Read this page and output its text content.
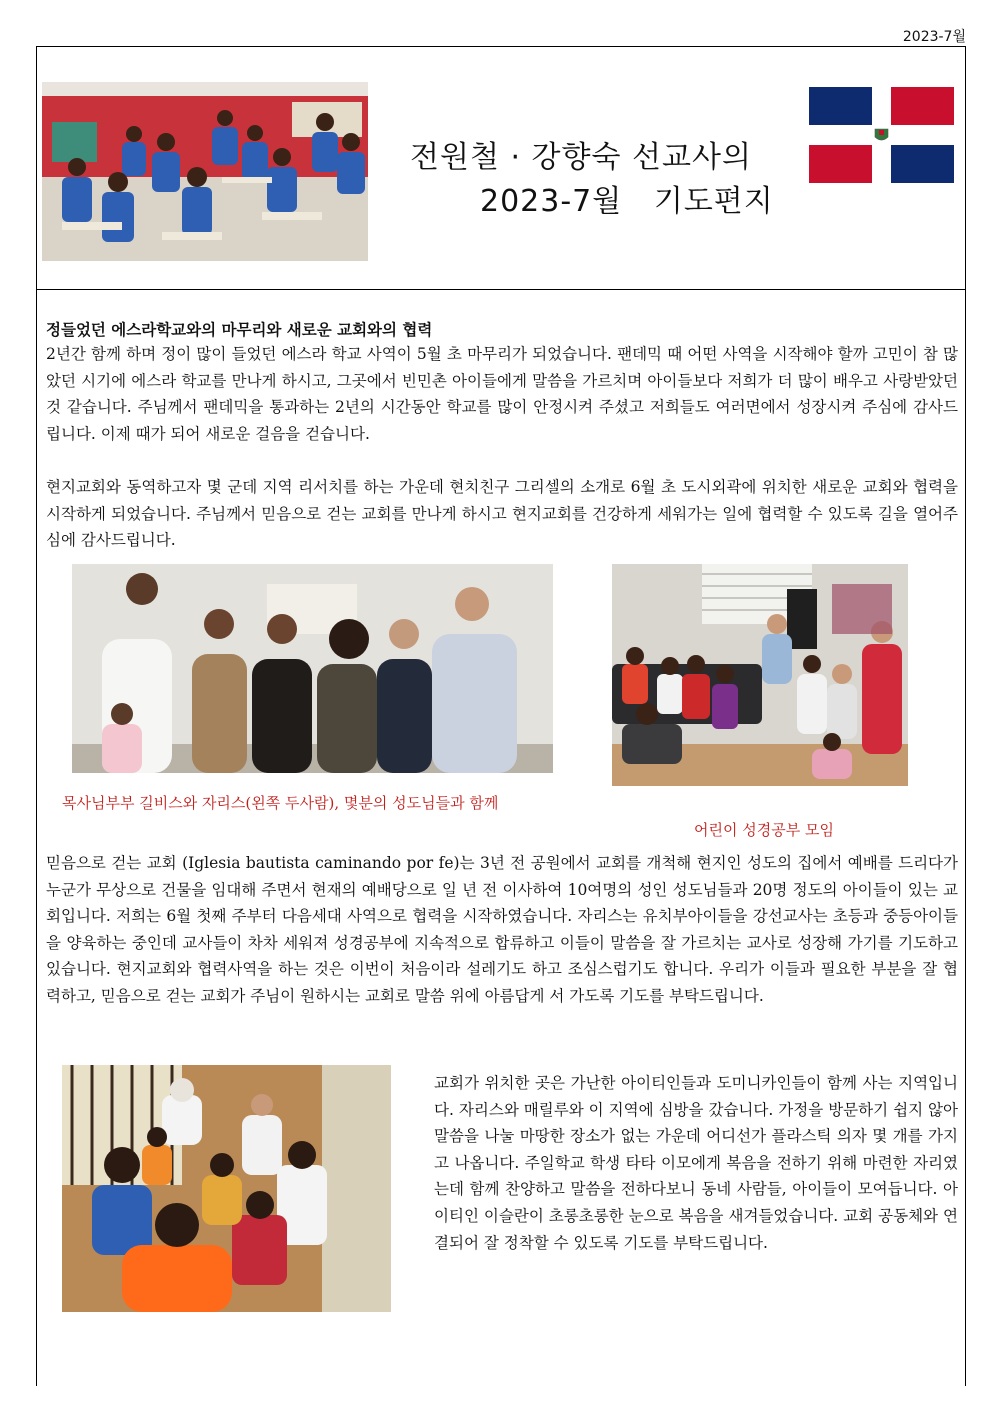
2023-7월
전원철 · 강향숙 선교사의
2023-7월   기도편지
정들었던 에스라학교와의 마무리와 새로운 교회와의 협력
2년간 함께 하며 정이 많이 들었던 에스라 학교 사역이 5월 초 마무리가 되었습니다. 팬데믹 때 어떤 사역을 시작해야 할까 고민이 참 많았던 시기에 에스라 학교를 만나게 하시고, 그곳에서 빈민촌 아이들에게 말씀을 가르치며 아이들보다 저희가 더 많이 배우고 사랑받았던 것 같습니다. 주님께서 팬데믹을 통과하는 2년의 시간동안 학교를 많이 안정시켜 주셨고 저희들도 여러면에서 성장시켜 주심에 감사드립니다. 이제 때가 되어 새로운 걸음을 걷습니다.
현지교회와 동역하고자 몇 군데 지역 리서치를 하는 가운데 현치친구 그리셀의 소개로 6월 초 도시외곽에 위치한 새로운 교회와 협력을 시작하게 되었습니다. 주님께서 믿음으로 걷는 교회를 만나게 하시고 현지교회를 건강하게 세워가는 일에 협력할 수 있도록 길을 열어주심에 감사드립니다.
목사님부부 길비스와 자리스(왼쪽 두사람), 몇분의 성도님들과 함께
어린이 성경공부 모임
믿음으로 걷는 교회 (Iglesia bautista caminando por fe)는 3년 전 공원에서 교회를 개척해 현지인 성도의 집에서 예배를 드리다가 누군가 무상으로 건물을 임대해 주면서 현재의 예배당으로 일 년 전 이사하여 10여명의 성인 성도님들과 20명 정도의 아이들이 있는 교회입니다. 저희는 6월 첫째 주부터 다음세대 사역으로 협력을 시작하였습니다. 자리스는 유치부아이들을 강선교사는 초등과 중등아이들을 양육하는 중인데 교사들이 차차 세워져 성경공부에 지속적으로 합류하고 이들이 말씀을 잘 가르치는 교사로 성장해 가기를 기도하고 있습니다. 현지교회와 협력사역을 하는 것은 이번이 처음이라 설레기도 하고 조심스럽기도 합니다. 우리가 이들과 필요한 부분을 잘 협력하고, 믿음으로 걷는 교회가 주님이 원하시는 교회로 말씀 위에 아름답게 서 가도록 기도를 부탁드립니다.
교회가 위치한 곳은 가난한 아이티인들과 도미니카인들이 함께 사는 지역입니다. 자리스와 매릴루와 이 지역에 심방을 갔습니다. 가정을 방문하기 쉽지 않아 말씀을 나눌 마땅한 장소가 없는 가운데 어디선가 플라스틱 의자 몇 개를 가지고 나옵니다. 주일학교 학생 타타 이모에게 복음을 전하기 위해 마련한 자리였는데 함께 찬양하고 말씀을 전하다보니 동네 사람들, 아이들이 모여듭니다. 아이티인 이슬란이 초롱초롱한 눈으로 복음을 새겨들었습니다. 교회 공동체와 연결되어 잘 정착할 수 있도록 기도를 부탁드립니다.
